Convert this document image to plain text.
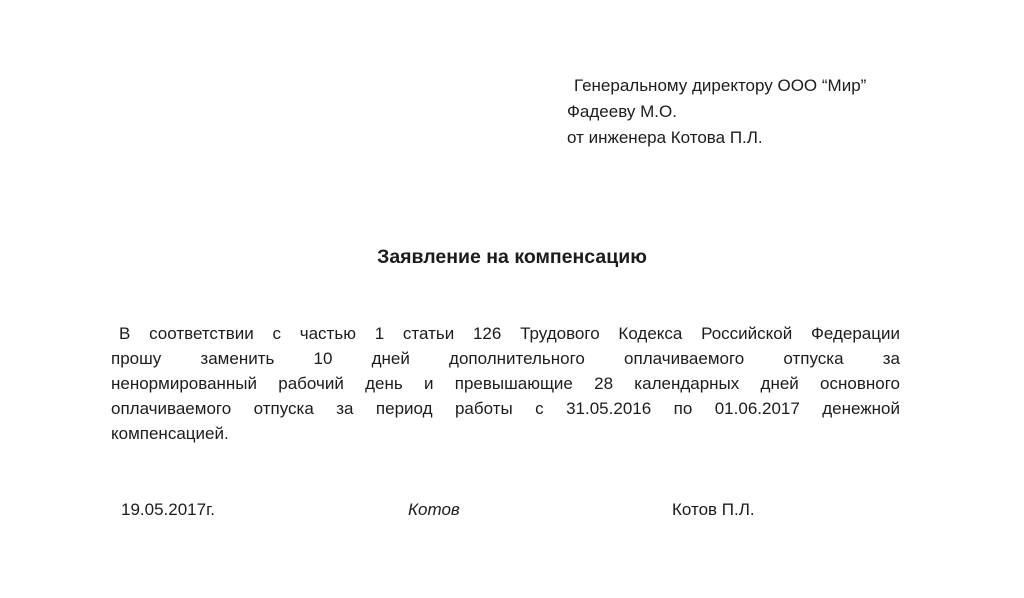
Генеральному директору ООО “Мир”
Фадееву М.О.
от инженера Котова П.Л.
Заявление на компенсацию
В соответствии с частью 1 статьи 126 Трудового Кодекса Российской Федерации
прошу заменить 10 дней дополнительного оплачиваемого отпуска за
ненормированный рабочий день и превышающие 28 календарных дней основного
оплачиваемого отпуска за период работы с 31.05.2016 по 01.06.2017 денежной
компенсацией.
19.05.2017г.	Котов	Котов П.Л.
